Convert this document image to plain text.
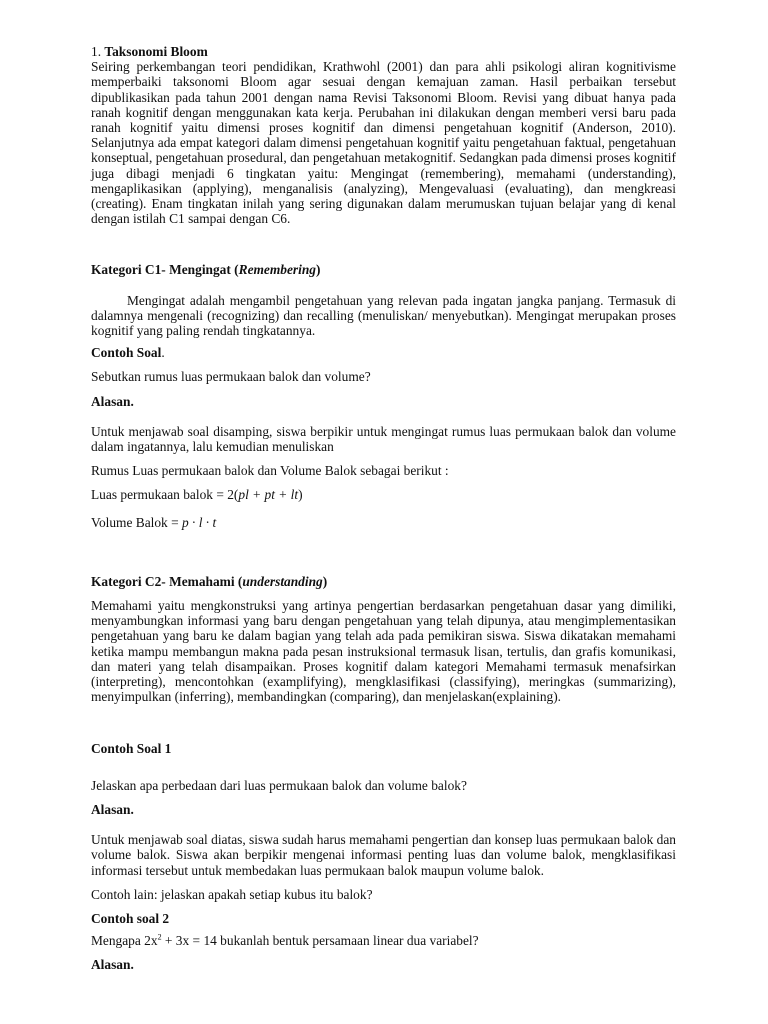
1. Taksonomi Bloom

Seiring perkembangan teori pendidikan, Krathwohl (2001) dan para ahli psikologi aliran kognitivisme memperbaiki taksonomi Bloom agar sesuai dengan kemajuan zaman. Hasil perbaikan tersebut dipublikasikan pada tahun 2001 dengan nama Revisi Taksonomi Bloom. Revisi yang dibuat hanya pada ranah kognitif dengan menggunakan kata kerja. Perubahan ini dilakukan dengan memberi versi baru pada ranah kognitif yaitu dimensi proses kognitif dan dimensi pengetahuan kognitif (Anderson, 2010). Selanjutnya ada empat kategori dalam dimensi pengetahuan kognitif yaitu pengetahuan faktual, pengetahuan konseptual, pengetahuan prosedural, dan pengetahuan metakognitif. Sedangkan pada dimensi proses kognitif juga dibagi menjadi 6 tingkatan yaitu: Mengingat (remembering), memahami (understanding), mengaplikasikan (applying), menganalisis (analyzing), Mengevaluasi (evaluating), dan mengkreasi (creating). Enam tingkatan inilah yang sering digunakan dalam merumuskan tujuan belajar yang di kenal dengan istilah C1 sampai dengan C6.

Kategori C1- Mengingat (Remembering)

Mengingat adalah mengambil pengetahuan yang relevan pada ingatan jangka panjang. Termasuk di dalamnya mengenali (recognizing) dan recalling (menuliskan/ menyebutkan). Mengingat merupakan proses kognitif yang paling rendah tingkatannya.

Contoh Soal.

Sebutkan rumus luas permukaan balok dan volume?

Alasan.

Untuk menjawab soal disamping, siswa berpikir untuk mengingat rumus luas permukaan balok dan volume dalam ingatannya, lalu kemudian menuliskan

Rumus Luas permukaan balok dan Volume Balok sebagai berikut :

Luas permukaan balok = 2(pl + pt + lt)

Volume Balok = p · l · t

Kategori C2- Memahami (understanding)

Memahami yaitu mengkonstruksi yang artinya pengertian berdasarkan pengetahuan dasar yang dimiliki, menyambungkan informasi yang baru dengan pengetahuan yang telah dipunya, atau mengimplementasikan pengetahuan yang baru ke dalam bagian yang telah ada pada pemikiran siswa. Siswa dikatakan memahami ketika mampu membangun makna pada pesan instruksional termasuk lisan, tertulis, dan grafis komunikasi, dan materi yang telah disampaikan. Proses kognitif dalam kategori Memahami termasuk menafsirkan (interpreting), mencontohkan (examplifying), mengklasifikasi (classifying), meringkas (summarizing), menyimpulkan (inferring), membandingkan (comparing), dan menjelaskan(explaining).

Contoh Soal 1

Jelaskan apa perbedaan dari luas permukaan balok dan volume balok?

Alasan.

Untuk menjawab soal diatas, siswa sudah harus memahami pengertian dan konsep luas permukaan balok dan volume balok. Siswa akan berpikir mengenai informasi penting luas dan volume balok, mengklasifikasi informasi tersebut untuk membedakan luas permukaan balok maupun volume balok.

Contoh lain: jelaskan apakah setiap kubus itu balok?

Contoh soal 2

Mengapa $2x^2 + 3x = 14$ bukanlah bentuk persamaan linear dua variabel?

Alasan.
